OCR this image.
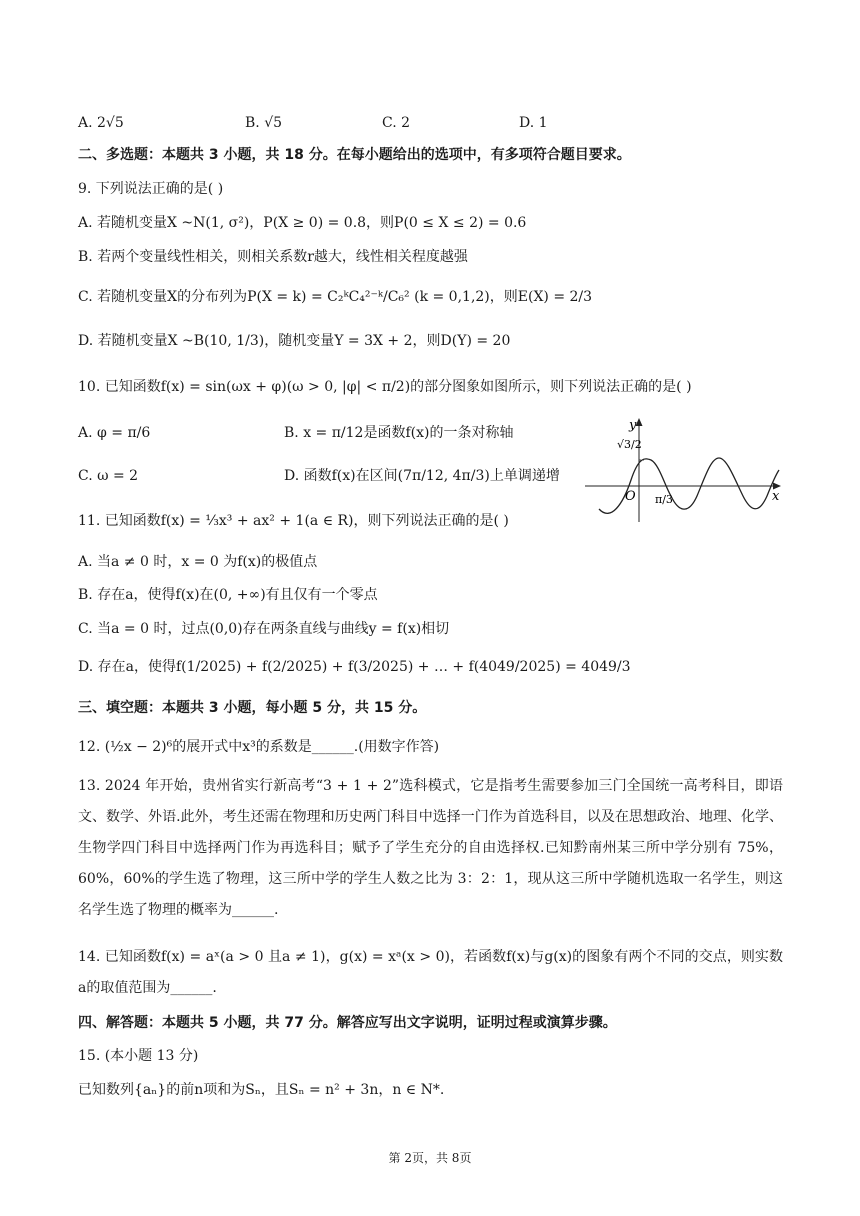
A. 2√5	B. √5	C. 2	D. 1
二、多选题：本题共 3 小题，共 18 分。在每小题给出的选项中，有多项符合题目要求。
9. 下列说法正确的是( )
A. 若随机变量X ~N(1, σ²)，P(X ≥ 0) = 0.8，则P(0 ≤ X ≤ 2) = 0.6
B. 若两个变量线性相关，则相关系数r越大，线性相关程度越强
C. 若随机变量X的分布列为P(X = k) = C₂ᵏC₄²⁻ᵏ/C₆² (k = 0,1,2)，则E(X) = 2/3
D. 若随机变量X ~B(10, 1/3)，随机变量Y = 3X + 2，则D(Y) = 20
10. 已知函数f(x) = sin(ωx + φ)(ω > 0, |φ| < π/2)的部分图象如图所示，则下列说法正确的是( )
A. φ = π/6	B. x = π/12是函数f(x)的一条对称轴
C. ω = 2	D. 函数f(x)在区间(7π/12, 4π/3)上单调递增
y
x
O
√3/2
π/3
11. 已知函数f(x) = ⅓x³ + ax² + 1(a ∈ R)，则下列说法正确的是( )
A. 当a ≠ 0 时，x = 0 为f(x)的极值点
B. 存在a，使得f(x)在(0, +∞)有且仅有一个零点
C. 当a = 0 时，过点(0,0)存在两条直线与曲线y = f(x)相切
D. 存在a，使得f(1/2025) + f(2/2025) + f(3/2025) + … + f(4049/2025) = 4049/3
三、填空题：本题共 3 小题，每小题 5 分，共 15 分。
12. (½x − 2)⁶的展开式中x³的系数是______.(用数字作答)
13. 2024 年开始，贵州省实行新高考“3 + 1 + 2”选科模式，它是指考生需要参加三门全国统一高考科目，即语文、数学、外语.此外，考生还需在物理和历史两门科目中选择一门作为首选科目，以及在思想政治、地理、化学、生物学四门科目中选择两门作为再选科目；赋予了学生充分的自由选择权.已知黔南州某三所中学分别有 75%，60%，60%的学生选了物理，这三所中学的学生人数之比为 3：2：1，现从这三所中学随机选取一名学生，则这名学生选了物理的概率为______.
14. 已知函数f(x) = aˣ(a > 0 且a ≠ 1)，g(x) = xᵃ(x > 0)，若函数f(x)与g(x)的图象有两个不同的交点，则实数a的取值范围为______.
四、解答题：本题共 5 小题，共 77 分。解答应写出文字说明，证明过程或演算步骤。
15. (本小题 13 分)
已知数列{aₙ}的前n项和为Sₙ，且Sₙ = n² + 3n，n ∈ N*.
第 2页，共 8页
